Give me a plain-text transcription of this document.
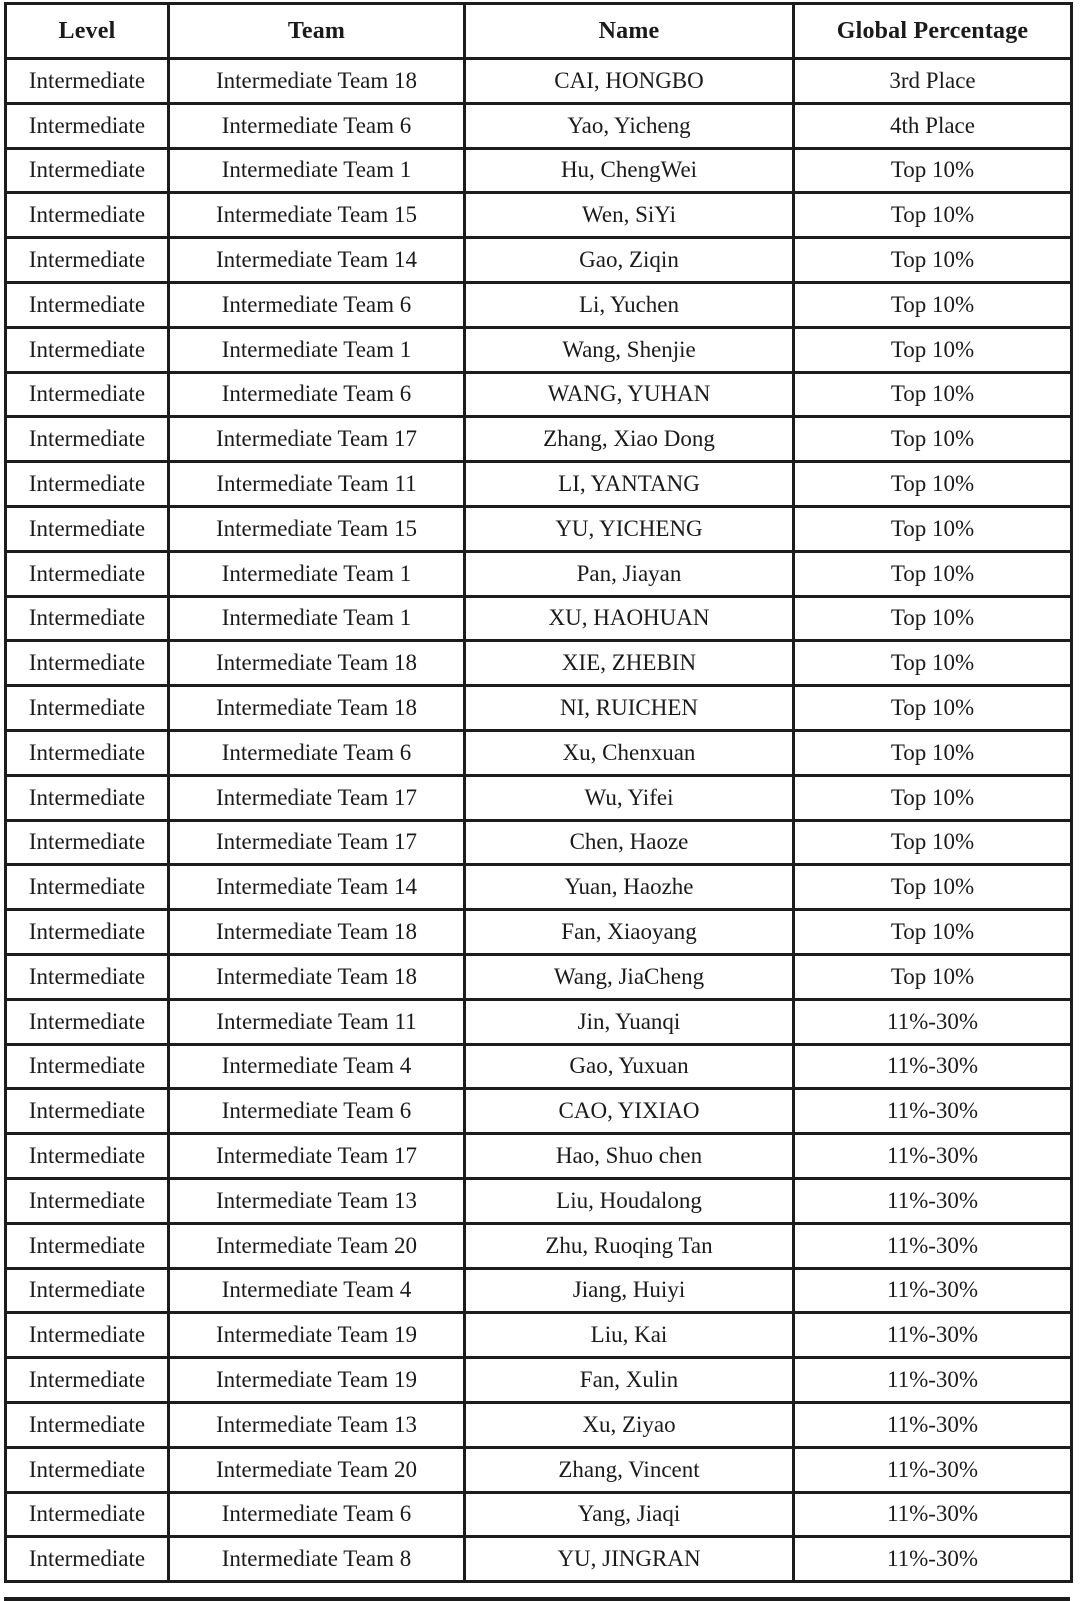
Level	Team	Name	Global Percentage
Intermediate	Intermediate Team 18	CAI, HONGBO	3rd Place
Intermediate	Intermediate Team 6	Yao, Yicheng	4th Place
Intermediate	Intermediate Team 1	Hu, ChengWei	Top 10%
Intermediate	Intermediate Team 15	Wen, SiYi	Top 10%
Intermediate	Intermediate Team 14	Gao, Ziqin	Top 10%
Intermediate	Intermediate Team 6	Li, Yuchen	Top 10%
Intermediate	Intermediate Team 1	Wang, Shenjie	Top 10%
Intermediate	Intermediate Team 6	WANG, YUHAN	Top 10%
Intermediate	Intermediate Team 17	Zhang, Xiao Dong	Top 10%
Intermediate	Intermediate Team 11	LI, YANTANG	Top 10%
Intermediate	Intermediate Team 15	YU, YICHENG	Top 10%
Intermediate	Intermediate Team 1	Pan, Jiayan	Top 10%
Intermediate	Intermediate Team 1	XU, HAOHUAN	Top 10%
Intermediate	Intermediate Team 18	XIE, ZHEBIN	Top 10%
Intermediate	Intermediate Team 18	NI, RUICHEN	Top 10%
Intermediate	Intermediate Team 6	Xu, Chenxuan	Top 10%
Intermediate	Intermediate Team 17	Wu, Yifei	Top 10%
Intermediate	Intermediate Team 17	Chen, Haoze	Top 10%
Intermediate	Intermediate Team 14	Yuan, Haozhe	Top 10%
Intermediate	Intermediate Team 18	Fan, Xiaoyang	Top 10%
Intermediate	Intermediate Team 18	Wang, JiaCheng	Top 10%
Intermediate	Intermediate Team 11	Jin, Yuanqi	11%-30%
Intermediate	Intermediate Team 4	Gao, Yuxuan	11%-30%
Intermediate	Intermediate Team 6	CAO, YIXIAO	11%-30%
Intermediate	Intermediate Team 17	Hao, Shuo chen	11%-30%
Intermediate	Intermediate Team 13	Liu, Houdalong	11%-30%
Intermediate	Intermediate Team 20	Zhu, Ruoqing Tan	11%-30%
Intermediate	Intermediate Team 4	Jiang, Huiyi	11%-30%
Intermediate	Intermediate Team 19	Liu, Kai	11%-30%
Intermediate	Intermediate Team 19	Fan, Xulin	11%-30%
Intermediate	Intermediate Team 13	Xu, Ziyao	11%-30%
Intermediate	Intermediate Team 20	Zhang, Vincent	11%-30%
Intermediate	Intermediate Team 6	Yang, Jiaqi	11%-30%
Intermediate	Intermediate Team 8	YU, JINGRAN	11%-30%
